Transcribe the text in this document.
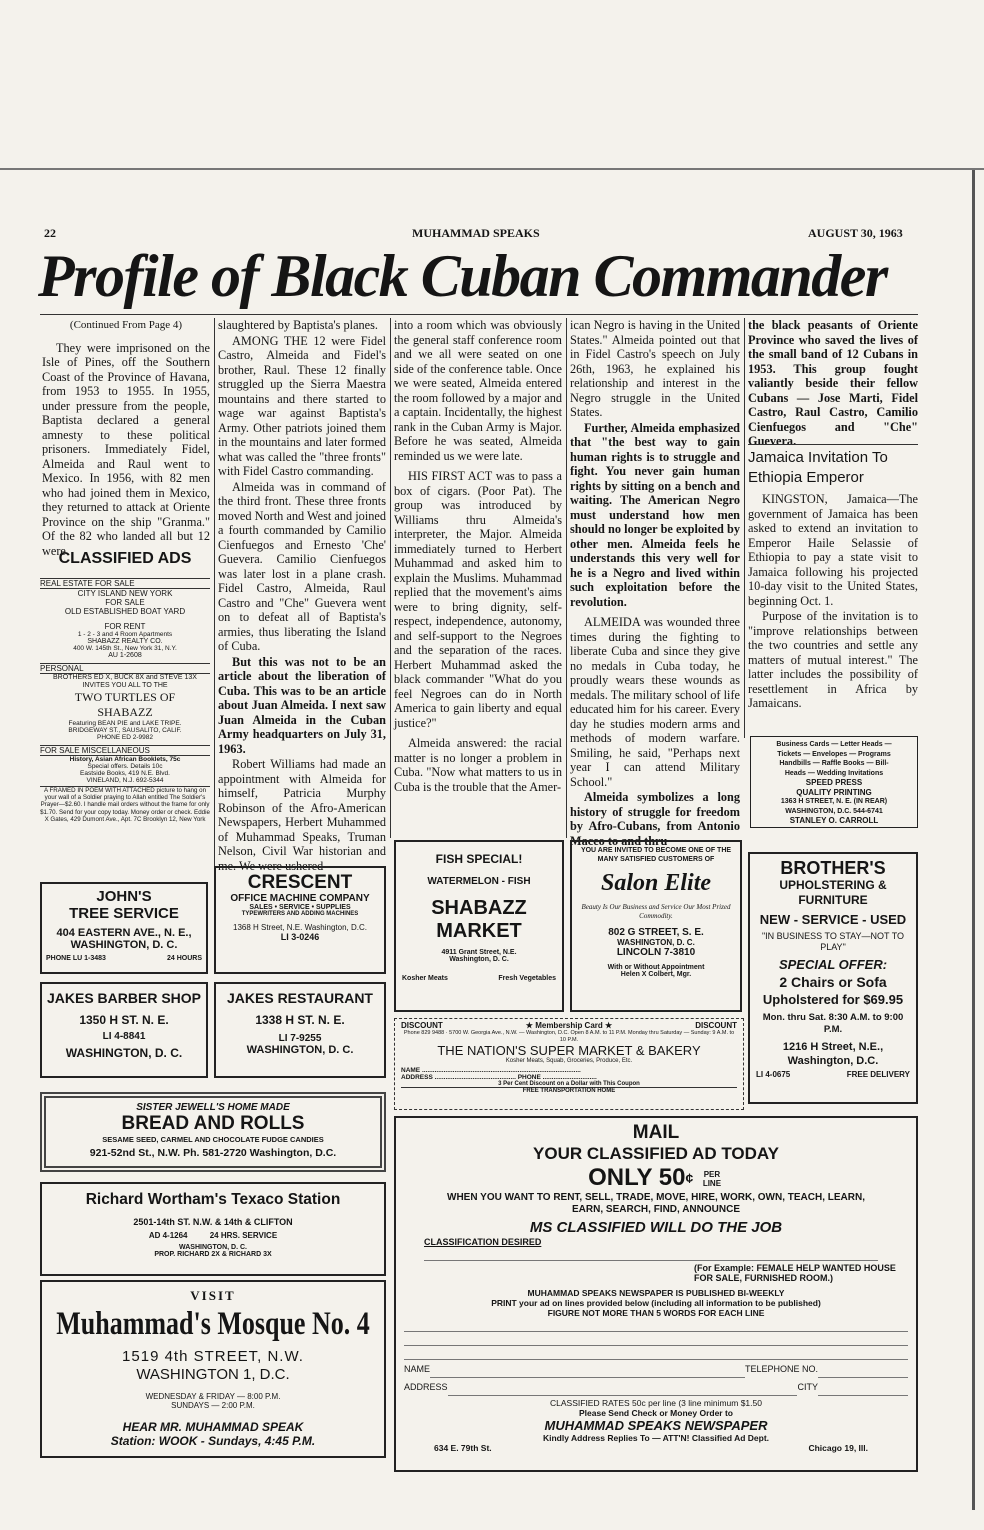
22	MUHAMMAD SPEAKS	AUGUST 30, 1963
Profile of Black Cuban Commander
(Continued From Page 4)

They were imprisoned on the Isle of Pines, off the Southern Coast of the Province of Havana, from 1953 to 1955. In 1955, under pressure from the people, Baptista declared a general amnesty to these political prisoners. Immediately Fidel, Almeida and Raul went to Mexico. In 1956, with 82 men who had joined them in Mexico, they returned to attack at Oriente Province on the ship "Granma." Of the 82 who landed all but 12 were

CLASSIFIED ADS
REAL ESTATE FOR SALE

CITY ISLAND NEW YORK

FOR SALE

OLD ESTABLISHED BOAT YARD

FOR RENT

1 - 2 - 3 and 4 Room Apartments

SHABAZZ REALTY CO.

400 W. 145th St., New York 31, N.Y.

AU 1-2608

PERSONAL

BROTHERS ED X, BUCK 8X and STEVE 13X INVITES YOU ALL TO THE

TWO TURTLES OF

SHABAZZ

Featuring BEAN PIE and LAKE TRIPE.

BRIDGEWAY ST., SAUSALITO, CALIF.

PHONE ED 2-9982

FOR SALE MISCELLANEOUS

History, Asian African Booklets, 75c

Special offers. Details 10c

Eastside Books, 419 N.E. Blvd.

VINELAND, N.J. 692-5344

A FRAMED IN POEM WITH ATTACHED picture to hang on your wall of a Soldier praying to Allah entitled The Soldier's Prayer—$2.60. I handle mail orders without the frame for only $1.70. Send for your copy today. Money order or check. Eddie X Gates, 429 Dumont Ave., Apt. 7C Brooklyn 12, New York

slaughtered by Baptista's planes.

AMONG THE 12 were Fidel Castro, Almeida and Fidel's brother, Raul. These 12 finally struggled up the Sierra Maestra mountains and there started to wage war against Baptista's Army. Other patriots joined them in the mountains and later formed what was called the "three fronts" with Fidel Castro commanding.

Almeida was in command of the third front. These three fronts moved North and West and joined a fourth commanded by Camilio Cienfuegos and Ernesto 'Che' Guevera. Camilio Cienfuegos was later lost in a plane crash. Fidel Castro, Almeida, Raul Castro and "Che" Guevera went on to defeat all of Baptista's armies, thus liberating the Island of Cuba.

But this was not to be an article about the liberation of Cuba. This was to be an article about Juan Almeida. I next saw Juan Almeida in the Cuban Army headquarters on July 31, 1963.

Robert Williams had made an appointment with Almeida for himself, Patricia Murphy Robinson of the Afro-American Newspapers, Herbert Muhammed of Muhammad Speaks, Truman Nelson, Civil War historian and me. We were ushered

into a room which was obviously the general staff conference room and we all were seated on one side of the conference table. Once we were seated, Almeida entered the room followed by a major and a captain. Incidentally, the highest rank in the Cuban Army is Major. Before he was seated, Almeida reminded us we were late.

HIS FIRST ACT was to pass a box of cigars. (Poor Pat). The group was introduced by Williams thru Almeida's interpreter, the Major. Almeida immediately turned to Herbert Muhammad and asked him to explain the Muslims. Muhammad replied that the movement's aims were to bring dignity, self-respect, independence, autonomy, and self-support to the Negroes and the separation of the races. Herbert Muhammad asked the black commander "What do you feel Negroes can do in North America to gain liberty and equal justice?"

Almeida answered: the racial matter is no longer a problem in Cuba. "Now what matters to us in Cuba is the trouble that the Amer-

ican Negro is having in the United States." Almeida pointed out that in Fidel Castro's speech on July 26th, 1963, he explained his relationship and interest in the Negro struggle in the United States.

Further, Almeida emphasized that "the best way to gain human rights is to struggle and fight. You never gain human rights by sitting on a bench and waiting. The American Negro must understand how men should no longer be exploited by other men. Almeida feels he understands this very well for he is a Negro and lived within such exploitation before the revolution.

ALMEIDA was wounded three times during the fighting to liberate Cuba and since they give no medals in Cuba today, he proudly wears these wounds as medals. The military school of life educated him for his career. Every day he studies modern arms and methods of modern warfare. Smiling, he said, "Perhaps next year I can attend Military School."

Almeida symbolizes a long history of struggle for freedom by Afro-Cubans, from Antonio Maceo to and thru

the black peasants of Oriente Province who saved the lives of the small band of 12 Cubans in 1953. This group fought valiantly beside their fellow Cubans — Jose Marti, Fidel Castro, Raul Castro, Camilio Cienfuegos and "Che" Guevera.

Jamaica Invitation To Ethiopia Emperor

KINGSTON, Jamaica—The government of Jamaica has been asked to extend an invitation to Emperor Haile Selassie of Ethiopia to pay a state visit to Jamaica following his projected 10-day visit to the United States, beginning Oct. 1.

Purpose of the invitation is to "improve relationships between the two countries and settle any matters of mutual interest." The latter includes the possibility of resettlement in Africa by Jamaicans.

Business Cards — Letter Heads —
Tickets — Envelopes — Programs
Handbills — Raffle Books — Bill-
Heads — Wedding Invitations
SPEED PRESS
QUALITY PRINTING
1363 H STREET, N. E. (IN REAR)
WASHINGTON, D.C. 544-6741
STANLEY O. CARROLL
JOHN'S
TREE SERVICE
404 EASTERN AVE., N. E.,
WASHINGTON, D. C.
PHONE LU 1-3483	24 HOURS
CRESCENT
OFFICE MACHINE COMPANY
SALES • SERVICE • SUPPLIES
TYPEWRITERS AND ADDING MACHINES
1368 H Street, N.E. Washington, D.C.
LI 3-0246
FISH SPECIAL!
WATERMELON - FISH
SHABAZZ
MARKET
4911 Grant Street, N.E.
Washington, D. C.
Kosher Meats	Fresh Vegetables
YOU ARE INVITED TO BECOME ONE OF THE MANY SATISFIED CUSTOMERS OF
Salon Elite
Beauty Is Our Business and Service Our Most Prized Commodity.
802 G STREET, S. E.
WASHINGTON, D. C.
LINCOLN 7-3810
With or Without Appointment
Helen X Colbert, Mgr.
BROTHER'S
UPHOLSTERING &
FURNITURE
NEW - SERVICE - USED
"IN BUSINESS TO STAY—NOT TO PLAY"
SPECIAL OFFER:
2 Chairs or Sofa
Upholstered for $69.95
Mon. thru Sat. 8:30 A.M. to 9:00 P.M.
1216 H Street, N.E.,
Washington, D.C.
LI 4-0675	FREE DELIVERY
JAKES BARBER SHOP
1350 H ST. N. E.
LI 4-8841
WASHINGTON, D. C.
JAKES RESTAURANT
1338 H ST. N. E.
LI 7-9255
WASHINGTON, D. C.
DISCOUNT	★ Membership Card ★	DISCOUNT
Phone 829 9488 · 5700 W. Georgia Ave., N.W. — Washington, D.C. Open 8 A.M. to 11 P.M. Monday thru Saturday — Sunday: 9 A.M. to 10 P.M.
THE NATION'S SUPER MARKET & BAKERY
Kosher Meats, Squab, Groceries, Produce, Etc.
NAME ........................................................................................
ADDRESS ............................................. PHONE ..............................
3 Per Cent Discount on a Dollar with This Coupon
FREE TRANSPORTATION HOME
SISTER JEWELL'S HOME MADE
BREAD AND ROLLS
SESAME SEED, CARMEL AND CHOCOLATE FUDGE CANDIES
921-52nd St., N.W. Ph. 581-2720 Washington, D.C.
Richard Wortham's Texaco Station
2501-14th ST. N.W. & 14th & CLIFTON
AD 4-1264	24 HRS. SERVICE
WASHINGTON, D. C.
PROP. RICHARD 2X & RICHARD 3X
VISIT
Muhammad's Mosque No. 4
1519 4th STREET, N.W.
WASHINGTON 1, D.C.
WEDNESDAY & FRIDAY — 8:00 P.M.
SUNDAYS — 2:00 P.M.
HEAR MR. MUHAMMAD SPEAK
Station: WOOK - Sundays, 4:45 P.M.
MAIL
YOUR CLASSIFIED AD TODAY
ONLY 50¢ PER LINE
WHEN YOU WANT TO RENT, SELL, TRADE, MOVE, HIRE, WORK, OWN, TEACH, LEARN, EARN, SEARCH, FIND, ANNOUNCE
MS CLASSIFIED WILL DO THE JOB
CLASSIFICATION DESIRED
(For Example: FEMALE HELP WANTED HOUSE FOR SALE, FURNISHED ROOM.)
MUHAMMAD SPEAKS NEWSPAPER IS PUBLISHED BI-WEEKLY
PRINT your ad on lines provided below (including all information to be published)
FIGURE NOT MORE THAN 5 WORDS FOR EACH LINE
NAME	TELEPHONE NO.
ADDRESS	CITY
CLASSIFIED RATES 50c per line (3 line minimum $1.50
Please Send Check or Money Order to
MUHAMMAD SPEAKS NEWSPAPER
Kindly Address Replies To — ATT'N! Classified Ad Dept.
634 E. 79th St.	Chicago 19, Ill.
